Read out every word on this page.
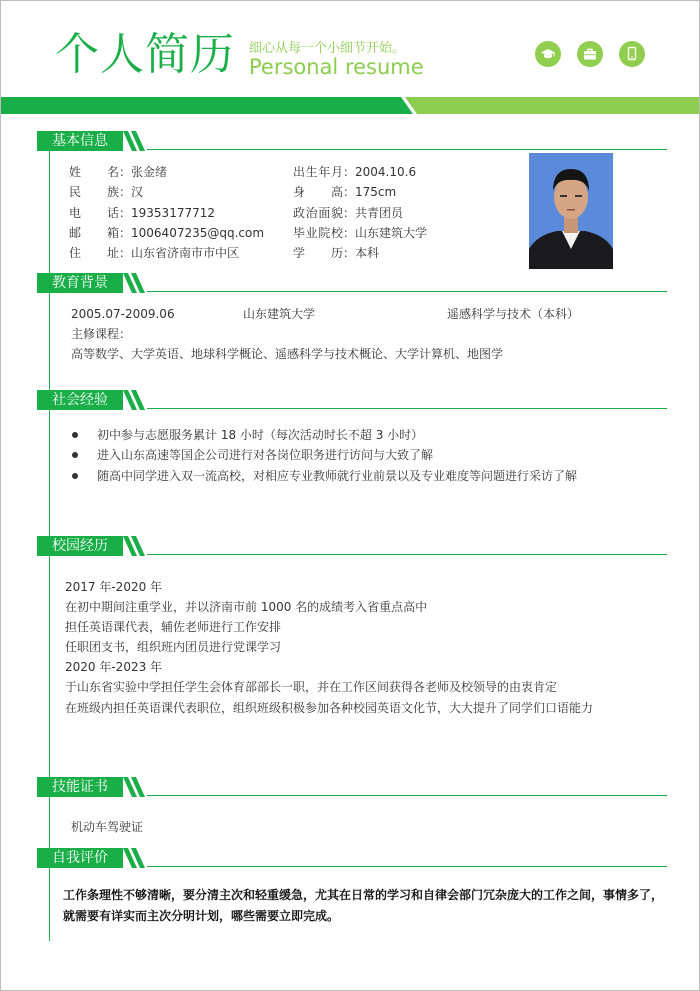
个人简历 细心从每一个小细节开始。
Personal resume
基本信息
姓名：张金绪
民族：汉
电话：19353177712
邮箱：1006407235@qq.com
住址：山东省济南市市中区
出生年月：2004.10.6
身高：175cm
政治面貌：共青团员
毕业院校：山东建筑大学
学历：本科
教育背景
2005.07-2009.06	山东建筑大学	遥感科学与技术（本科）
主修课程：
高等数学、大学英语、地球科学概论、遥感科学与技术概论、大学计算机、地图学
社会经验
初中参与志愿服务累计 18 小时（每次活动时长不超 3 小时）
进入山东高速等国企公司进行对各岗位职务进行访问与大致了解
随高中同学进入双一流高校，对相应专业教师就行业前景以及专业难度等问题进行采访了解
校园经历
2017 年-2020 年
在初中期间注重学业，并以济南市前 1000 名的成绩考入省重点高中
担任英语课代表，辅佐老师进行工作安排
任职团支书，组织班内团员进行党课学习
2020 年-2023 年
于山东省实验中学担任学生会体育部部长一职，并在工作区间获得各老师及校领导的由衷肯定
在班级内担任英语课代表职位，组织班级积极参加各种校园英语文化节，大大提升了同学们口语能力
技能证书
机动车驾驶证
自我评价
工作条理性不够清晰，要分清主次和轻重缓急，尤其在日常的学习和自律会部门冗杂庞大的工作之间，事情多了，
就需要有详实而主次分明计划，哪些需要立即完成。
